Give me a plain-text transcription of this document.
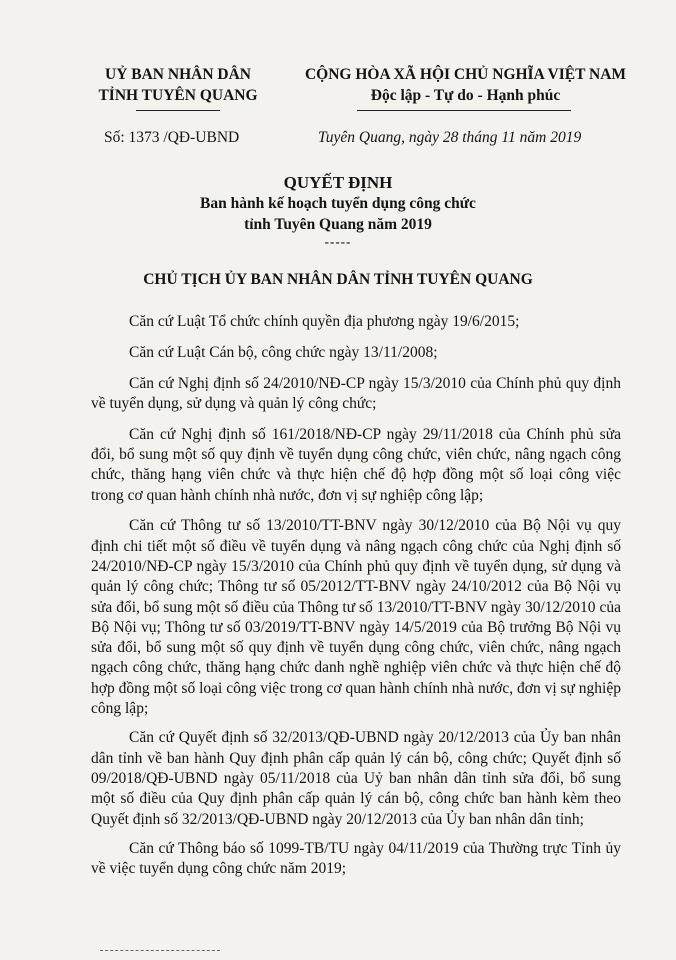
UỶ BAN NHÂN DÂN
TỈNH TUYÊN QUANG
CỘNG HÒA XÃ HỘI CHỦ NGHĨA VIỆT NAM
Độc lập - Tự do - Hạnh phúc
Số: 1373 /QĐ-UBND	Tuyên Quang, ngày 28 tháng 11 năm 2019
QUYẾT ĐỊNH
Ban hành kế hoạch tuyển dụng công chức
tỉnh Tuyên Quang năm 2019
-----
CHỦ TỊCH ỦY BAN NHÂN DÂN TỈNH TUYÊN QUANG

Căn cứ Luật Tổ chức chính quyền địa phương ngày 19/6/2015;

Căn cứ Luật Cán bộ, công chức ngày 13/11/2008;

Căn cứ Nghị định số 24/2010/NĐ-CP ngày 15/3/2010 của Chính phủ quy định về tuyển dụng, sử dụng và quản lý công chức;

Căn cứ Nghị định số 161/2018/NĐ-CP ngày 29/11/2018 của Chính phủ sửa đổi, bổ sung một số quy định về tuyển dụng công chức, viên chức, nâng ngạch công chức, thăng hạng viên chức và thực hiện chế độ hợp đồng một số loại công việc trong cơ quan hành chính nhà nước, đơn vị sự nghiệp công lập;

Căn cứ Thông tư số 13/2010/TT-BNV ngày 30/12/2010 của Bộ Nội vụ quy định chi tiết một số điều về tuyển dụng và nâng ngạch công chức của Nghị định số 24/2010/NĐ-CP ngày 15/3/2010 của Chính phủ quy định về tuyển dụng, sử dụng và quản lý công chức; Thông tư số 05/2012/TT-BNV ngày 24/10/2012 của Bộ Nội vụ sửa đổi, bổ sung một số điều của Thông tư số 13/2010/TT-BNV ngày 30/12/2010 của Bộ Nội vụ; Thông tư số 03/2019/TT-BNV ngày 14/5/2019 của Bộ trưởng Bộ Nội vụ sửa đổi, bổ sung một số quy định về tuyển dụng công chức, viên chức, nâng ngạch ngạch công chức, thăng hạng chức danh nghề nghiệp viên chức và thực hiện chế độ hợp đồng một số loại công việc trong cơ quan hành chính nhà nước, đơn vị sự nghiệp công lập;

Căn cứ Quyết định số 32/2013/QĐ-UBND ngày 20/12/2013 của Ủy ban nhân dân tỉnh về ban hành Quy định phân cấp quản lý cán bộ, công chức; Quyết định số 09/2018/QĐ-UBND ngày 05/11/2018 của Uỷ ban nhân dân tỉnh sửa đổi, bổ sung một số điều của Quy định phân cấp quản lý cán bộ, công chức ban hành kèm theo Quyết định số 32/2013/QĐ-UBND ngày 20/12/2013 của Ủy ban nhân dân tỉnh;

Căn cứ Thông báo số 1099-TB/TU ngày 04/11/2019 của Thường trực Tỉnh ủy về việc tuyển dụng công chức năm 2019;
